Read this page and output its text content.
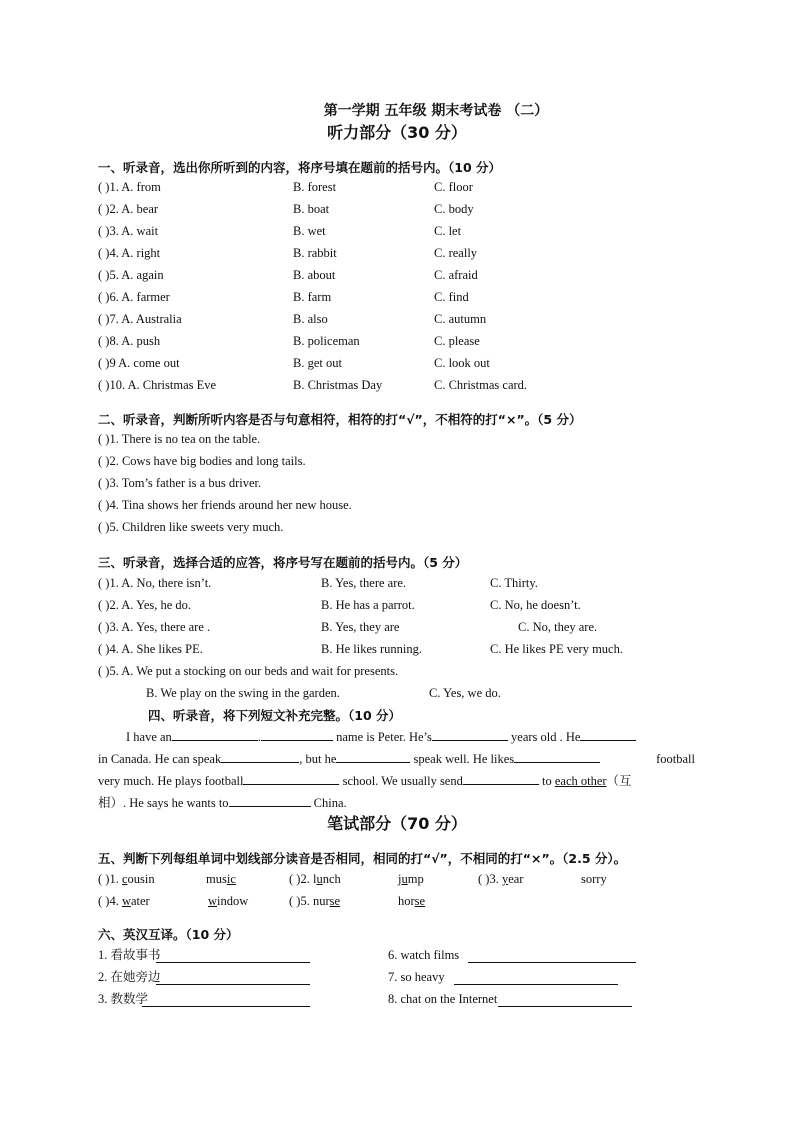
第一学期 五年级 期末考试卷 （二）
听力部分（30 分）
一、听录音，选出你所听到的内容，将序号填在题前的括号内。（10 分）
( )1. A. from	B. forest	C. floor
( )2. A. bear	B. boat	C. body
( )3. A. wait	B. wet	C. let
( )4. A. right	B. rabbit	C. really
( )5. A. again	B. about	C. afraid
( )6. A. farmer	B. farm	C. find
( )7. A. Australia	B. also	C. autumn
( )8. A. push	B. policeman	C. please
( )9 A. come out	B. get out	C. look out
( )10. A. Christmas Eve	B. Christmas Day	C. Christmas card.
二、听录音，判断所听内容是否与句意相符，相符的打“√”，不相符的打“×”。（5 分）
( )1. There is no tea on the table.
( )2. Cows have big bodies and long tails.
( )3. Tom’s father is a bus driver.
( )4. Tina shows her friends around her new house.
( )5. Children like sweets very much.
三、听录音，选择合适的应答，将序号写在题前的括号内。（5 分）
( )1. A. No, there isn’t.	B. Yes, there are.	C. Thirty.
( )2. A. Yes, he do.	B. He has a parrot.	C. No, he doesn’t.
( )3. A. Yes, there are .	B. Yes, they are	C. No, they are.
( )4. A. She likes PE.	B. He likes running.	C. He likes PE very much.
( )5. A. We put a stocking on our beds and wait for presents.
B. We play on the swing in the garden.	C. Yes, we do.
四、听录音，将下列短文补充完整。（10 分）
I have an	.	name is Peter. He’s	years old . He
in Canada. He can speak	, but he	speak well. He likes	football
very much. He plays football	school. We usually send	to each other（互
相）. He says he wants to	China.
笔试部分（70 分）
五、判断下列每组单词中划线部分读音是否相同，相同的打“√”，不相同的打“×”。（2.5 分）。
( )1. cousin	music	( )2. lunch	jump	( )3. year	sorry
( )4. water	window	( )5. nurse	horse
六、英汉互译。（10 分）
1. 看故事书	6. watch films
2. 在她旁边	7. so heavy
3. 教数学	8. chat on the Internet
